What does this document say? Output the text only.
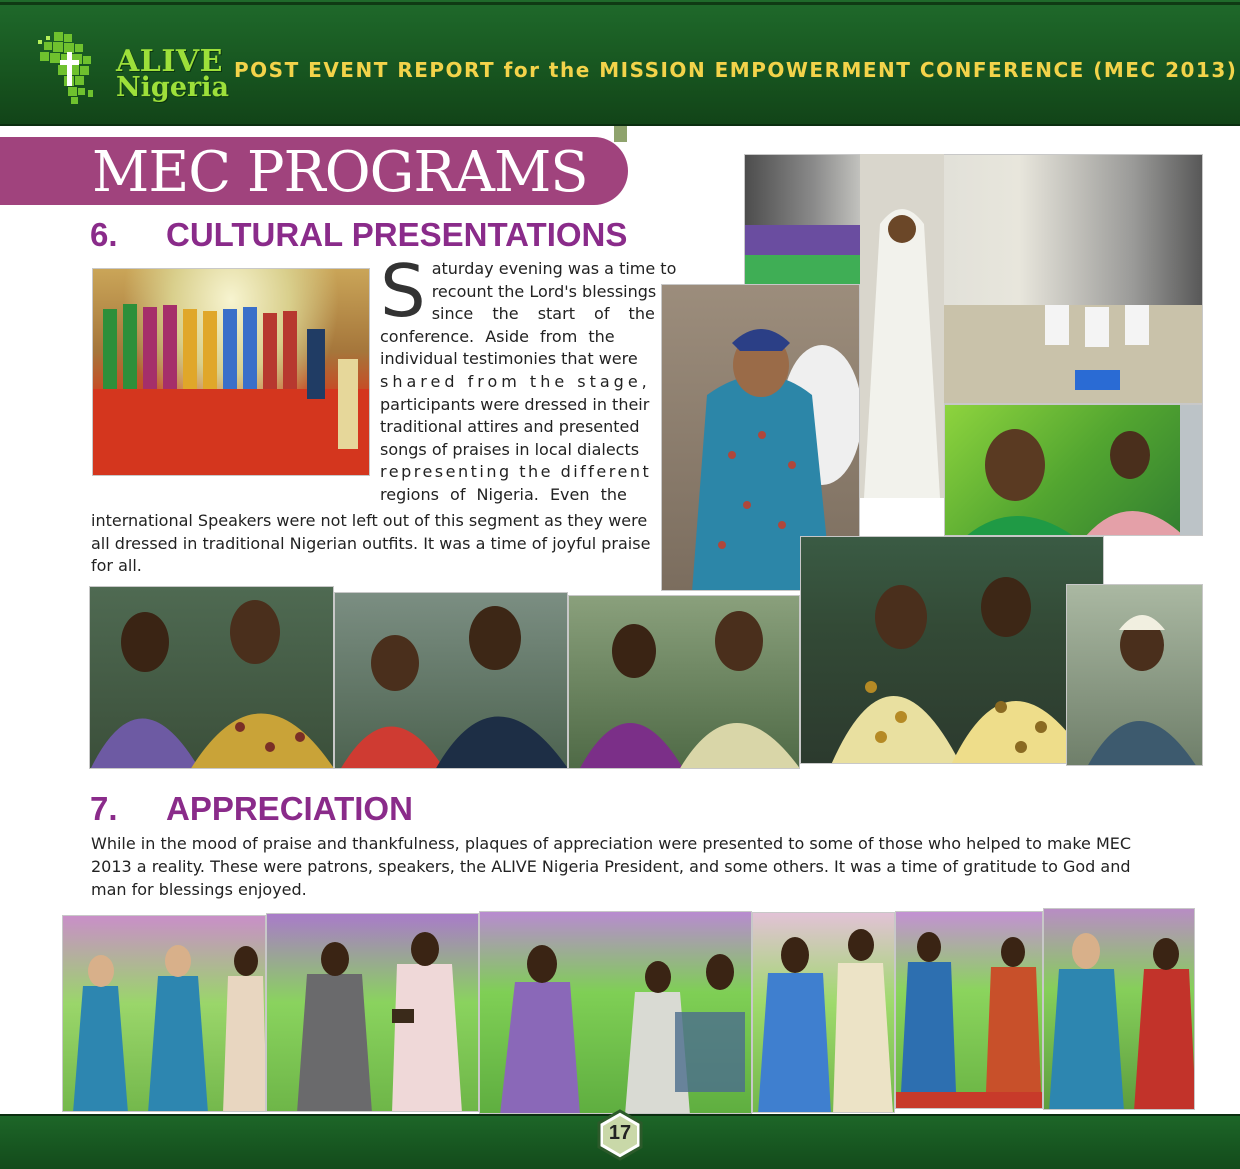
ALIVE
Nigeria
POST EVENT REPORT for the MISSION EMPOWERMENT CONFERENCE (MEC 2013)
MEC PROGRAMS
6. CULTURAL PRESENTATIONS
S aturday evening was a time to
recount the Lord's blessings
since the start of the
conference. Aside from the
individual testimonies that were
shared from the stage,
participants were dressed in their
traditional attires and presented
songs of praises in local dialects
representing the different
regions of Nigeria. Even the
international Speakers were not left out of this segment as they were
all dressed in traditional Nigerian outfits. It was a time of joyful praise
for all.
7. APPRECIATION
While in the mood of praise and thankfulness, plaques of appreciation were presented to some of those who helped to make MEC
2013 a reality. These were patrons, speakers, the ALIVE Nigeria President, and some others. It was a time of gratitude to God and
man for blessings enjoyed.
17
